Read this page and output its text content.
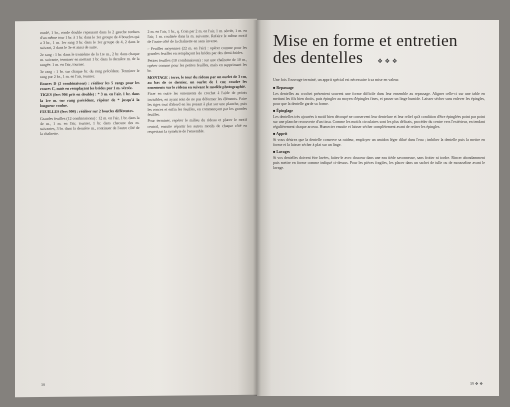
rondé, 1 br., ronde double repassant dans la 2 gauche tordues d'un même tour 1 br. à 1 br. dans le 1er groupe de 4 boucles qui a 3 br., 1 m. 1er rang 3 br. dans le 1er groupe de 4, 2 dans le suivant, 2 dans le 3e et ainsi de suite.

2e rang : 1 br. dans le troisième de la 1re m., 2 br. dans chaque m. suivante, terminer en mettant 1 br. dans la dernière m. de la rangée. 1 m. en l'air, tourner.

3e rang : 1 br. sur chaque br. du rang précédent. Terminer le rang par 2 br., 1 m. en l'air, tourner.

Ronces D (2 combinaisons) : réaliser les 5 rangs pour les ronces C, mais en remplaçant les brides par 1 m. sérrée.

TIGES (fers 904 pris en double) : * 3 m. en l'air, 1 br. dans la 1re m. sur rang précédent, répéter de * jusqu'à la longueur voulue.

FEUILLES (fers 904) : réaliser sur 2 boucles différentes.

Grandes feuilles (12 combinaisons) : 12 m. en l'air, 1 br. dans la 4e m., 1 m. en l'air, tourner, 1 br. dans chacune des m. suivantes, 3 br. dans la dernière m., continuer de l'autre côté de la chaînette.

2 m. en l'air, 1 br., q. Coin par 2 m. en l'air, 1 m. sérrée, 1 m. en l'air, 1 m. coulisée dans la m. suivante. Refaire le même motif de l'autre côté de la chaînette en sens inverse.

– Feuilles moyennes (22 m. en l'air) : opérer comme pour les grandes feuilles en remplaçant les brides par des demi-brides.

Petites feuilles (10 combinaisons) : sur une chaînette de 10 m., opérer comme pour les petites feuilles, mais en supprimant les br.

MONTAGE : terre, le tour du rideau par un ourlet de 3 cm, au bas de ce dernier, un ourlet de 1 cm; coudre les ornements sur le rideau en suivant le modèle photographié.

Fixer en outre les ornements de crochet à l'aide de points invisibles, en ayant soin de ne pas déformer les éléments. Faire les tiges tout d'abord en les posant à plat sur une planche, puis les ronces et enfin les feuilles, en commençant par les grandes feuilles.

Pour terminer, repérer le milieu du rideau et placer le motif central, ensuite répartir les autres motifs de chaque côté en respectant la symétrie de l'ensemble.

38
Mise en forme et entretien
des dentelles ❖ ❖ ❖
Une fois l'ouvrage terminé, un apprit spécial est nécessaire à sa mise en valeur.
■ Repassage

Les dentelles au crochet présentent souvent une forme difficile dans leur ensemble au repassage. Aligner celle-ci sur une table en mettant les fils bien droits, puis épingler au moyen d'épingles fines, et passer un linge humide. Laisser sécher sans enlever les épingles, pour que la dentelle garde sa forme.

■ Épinglage

Les dentelles très ajourées à motif bien découpé ne conservent leur dentelure et leur relief qu'à condition d'être épinglées point par point sur une planche recouverte d'un tissu. Comme les motifs circulaires sont les plus délicats, procéder du centre vers l'extérieur, en tendant régulièrement chaque arceau. Humecter ensuite et laisser sécher complètement avant de retirer les épingles.

■ Apprit

Si vous désirez que la dentelle conserve sa raideur, employer un amidon léger dilué dans l'eau ; imbiber la dentelle puis la mettre en forme et la laisser sécher à plat sur un linge.

■ Lavages

Si vos dentelles doivent être lavées, faites-le avec douceur dans une eau tiède savonneuse, sans frotter ni tordre. Rincer abondamment puis mettre en forme comme indiqué ci-dessus. Pour les pièces fragiles, les placer dans un sachet de tulle ou de mousseline avant le lavage.

39 ❖ ❖
